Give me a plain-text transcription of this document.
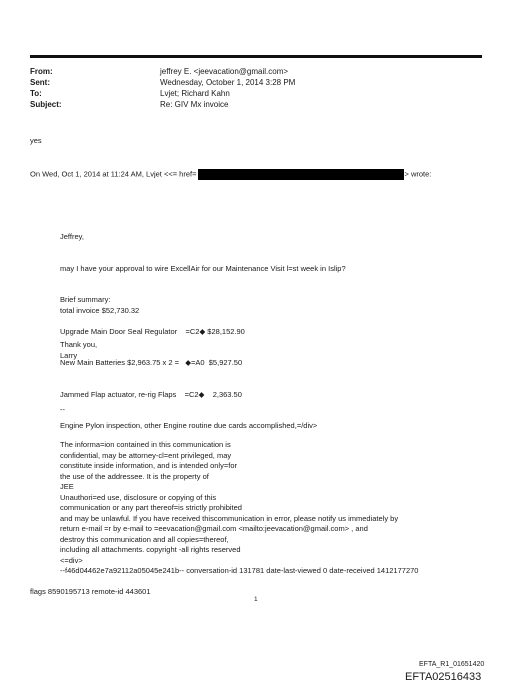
From:	jeffrey E. <jeevacation@gmail.com>
Sent:	Wednesday, October 1, 2014 3:28 PM
To:	Lvjet; Richard Kahn
Subject:	Re: GIV Mx invoice
yes
On Wed, Oct 1, 2014 at 11:24 AM, Lvjet <<= href=	> wrote:

Jeffrey,

may I have your approval to wire ExcellAir for our Maintenance Visit l=st week in Islip?

Brief summary:

Upgrade Main Door Seal Regulator    =C2◆ $28,152.90

New Main Batteries $2,963.75 x 2 =   ◆=A0  $5,927.50

Jammed Flap actuator, re-rig Flaps    =C2◆    2,363.50

Engine Pylon inspection, other Engine routine due cards accomplished,=/div>

total invoice $52,730.32
Thank you,
Larry
--
The informa=ion contained in this communication is
confidential, may be attorney-cl=ent privileged, may
constitute inside information, and is intended only=for
the use of the addressee. It is the property of
JEE
Unauthori=ed use, disclosure or copying of this
communication or any part thereof=is strictly prohibited
and may be unlawful. If you have received thiscommunication in error, please notify us immediately by
return e-mail =r by e-mail to =eevacation@gmail.com <mailto:jeevacation@gmail.com> , and
destroy this communication and all copies=thereof,
including all attachments. copyright -all rights reserved
<=div>
--f46d04462e7a92112a05045e241b-- conversation-id 131781 date-last-viewed 0 date-received 1412177270
flags 8590195713 remote-id 443601
1
EFTA_R1_01651420
EFTA02516433
